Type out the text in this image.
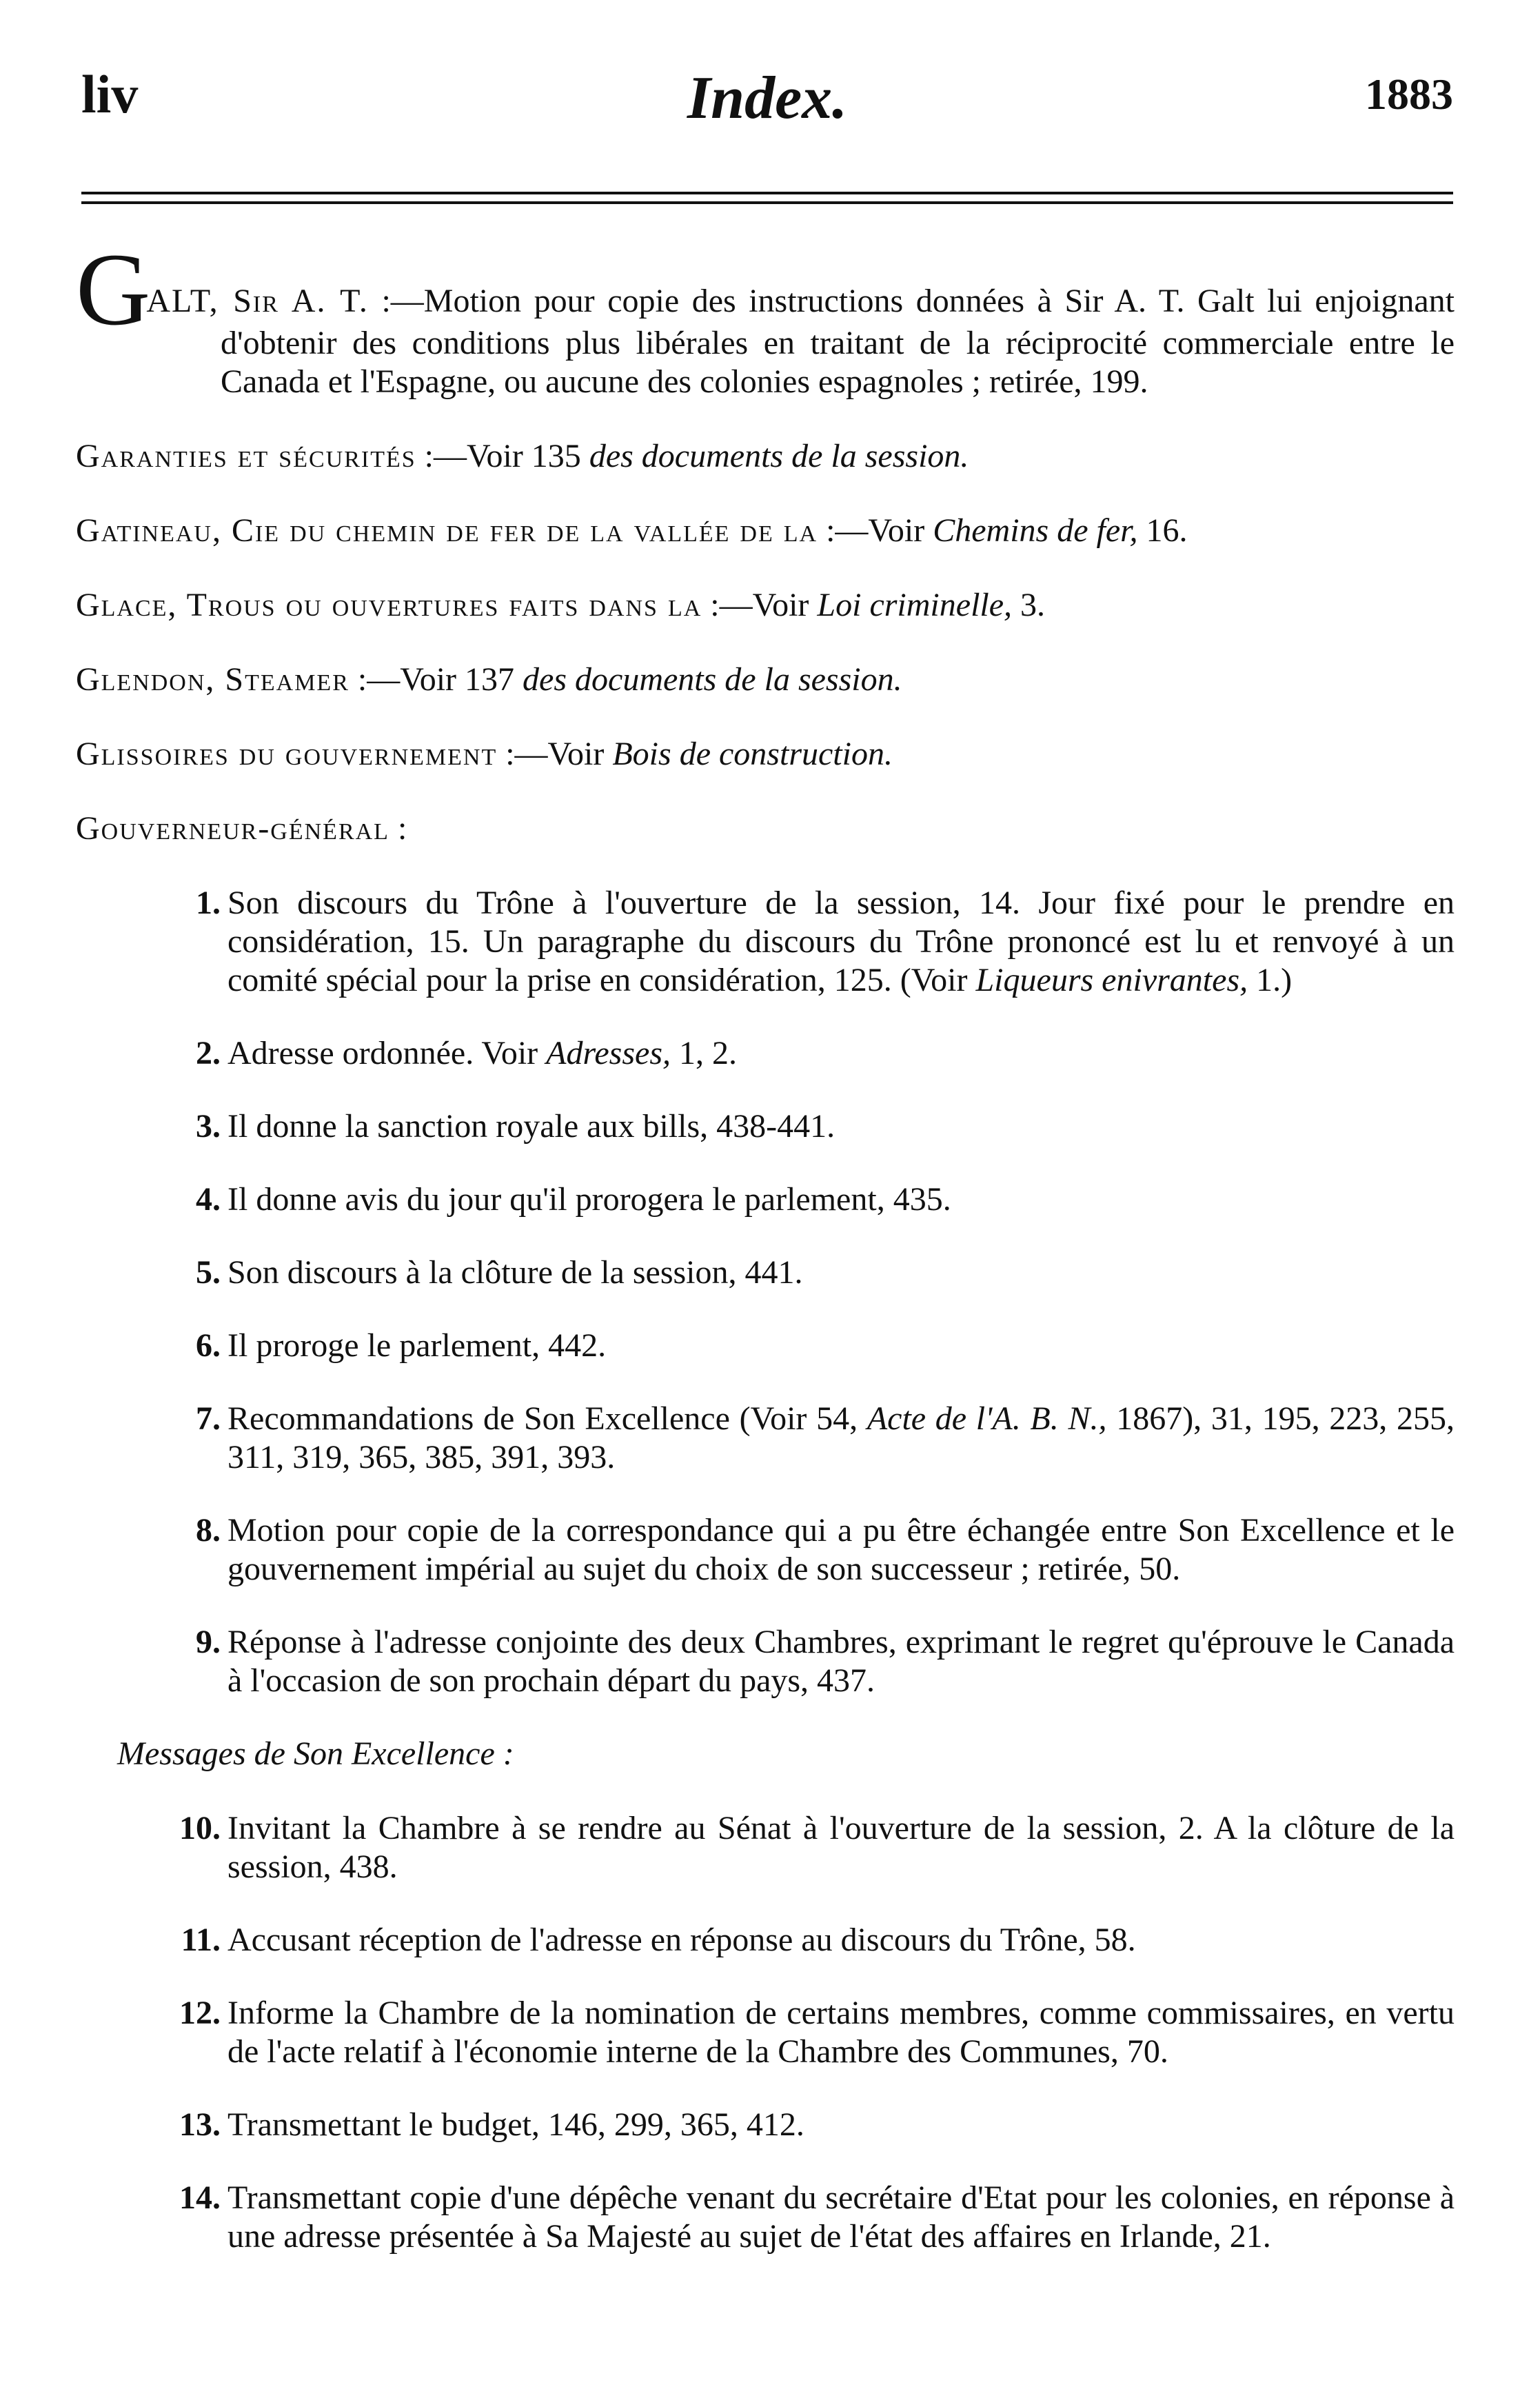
liv	Index.	1883

GALT, Sir A. T. :—Motion pour copie des instructions données à Sir A. T. Galt lui enjoignant d'obtenir des conditions plus libérales en traitant de la réciprocité commerciale entre le Canada et l'Espagne, ou aucune des colonies espagnoles ; retirée, 199.

Garanties et sécurités :—Voir 135 des documents de la session.

Gatineau, Cie du chemin de fer de la vallée de la :—Voir Chemins de fer, 16.

Glace, Trous ou ouvertures faits dans la :—Voir Loi criminelle, 3.

Glendon, Steamer :—Voir 137 des documents de la session.

Glissoires du gouvernement :—Voir Bois de construction.

Gouverneur-général :

1. Son discours du Trône à l'ouverture de la session, 14. Jour fixé pour le prendre en considération, 15. Un paragraphe du discours du Trône prononcé est lu et renvoyé à un comité spécial pour la prise en considération, 125. (Voir Liqueurs enivrantes, 1.)

2. Adresse ordonnée. Voir Adresses, 1, 2.

3. Il donne la sanction royale aux bills, 438-441.

4. Il donne avis du jour qu'il prorogera le parlement, 435.

5. Son discours à la clôture de la session, 441.

6. Il proroge le parlement, 442.

7. Recommandations de Son Excellence (Voir 54, Acte de l'A. B. N., 1867), 31, 195, 223, 255, 311, 319, 365, 385, 391, 393.

8. Motion pour copie de la correspondance qui a pu être échangée entre Son Excellence et le gouvernement impérial au sujet du choix de son successeur ; retirée, 50.

9. Réponse à l'adresse conjointe des deux Chambres, exprimant le regret qu'éprouve le Canada à l'occasion de son prochain départ du pays, 437.

Messages de Son Excellence :

10. Invitant la Chambre à se rendre au Sénat à l'ouverture de la session, 2. A la clôture de la session, 438.

11. Accusant réception de l'adresse en réponse au discours du Trône, 58.

12. Informe la Chambre de la nomination de certains membres, comme commissaires, en vertu de l'acte relatif à l'économie interne de la Chambre des Communes, 70.

13. Transmettant le budget, 146, 299, 365, 412.

14. Transmettant copie d'une dépêche venant du secrétaire d'Etat pour les colonies, en réponse à une adresse présentée à Sa Majesté au sujet de l'état des affaires en Irlande, 21.
